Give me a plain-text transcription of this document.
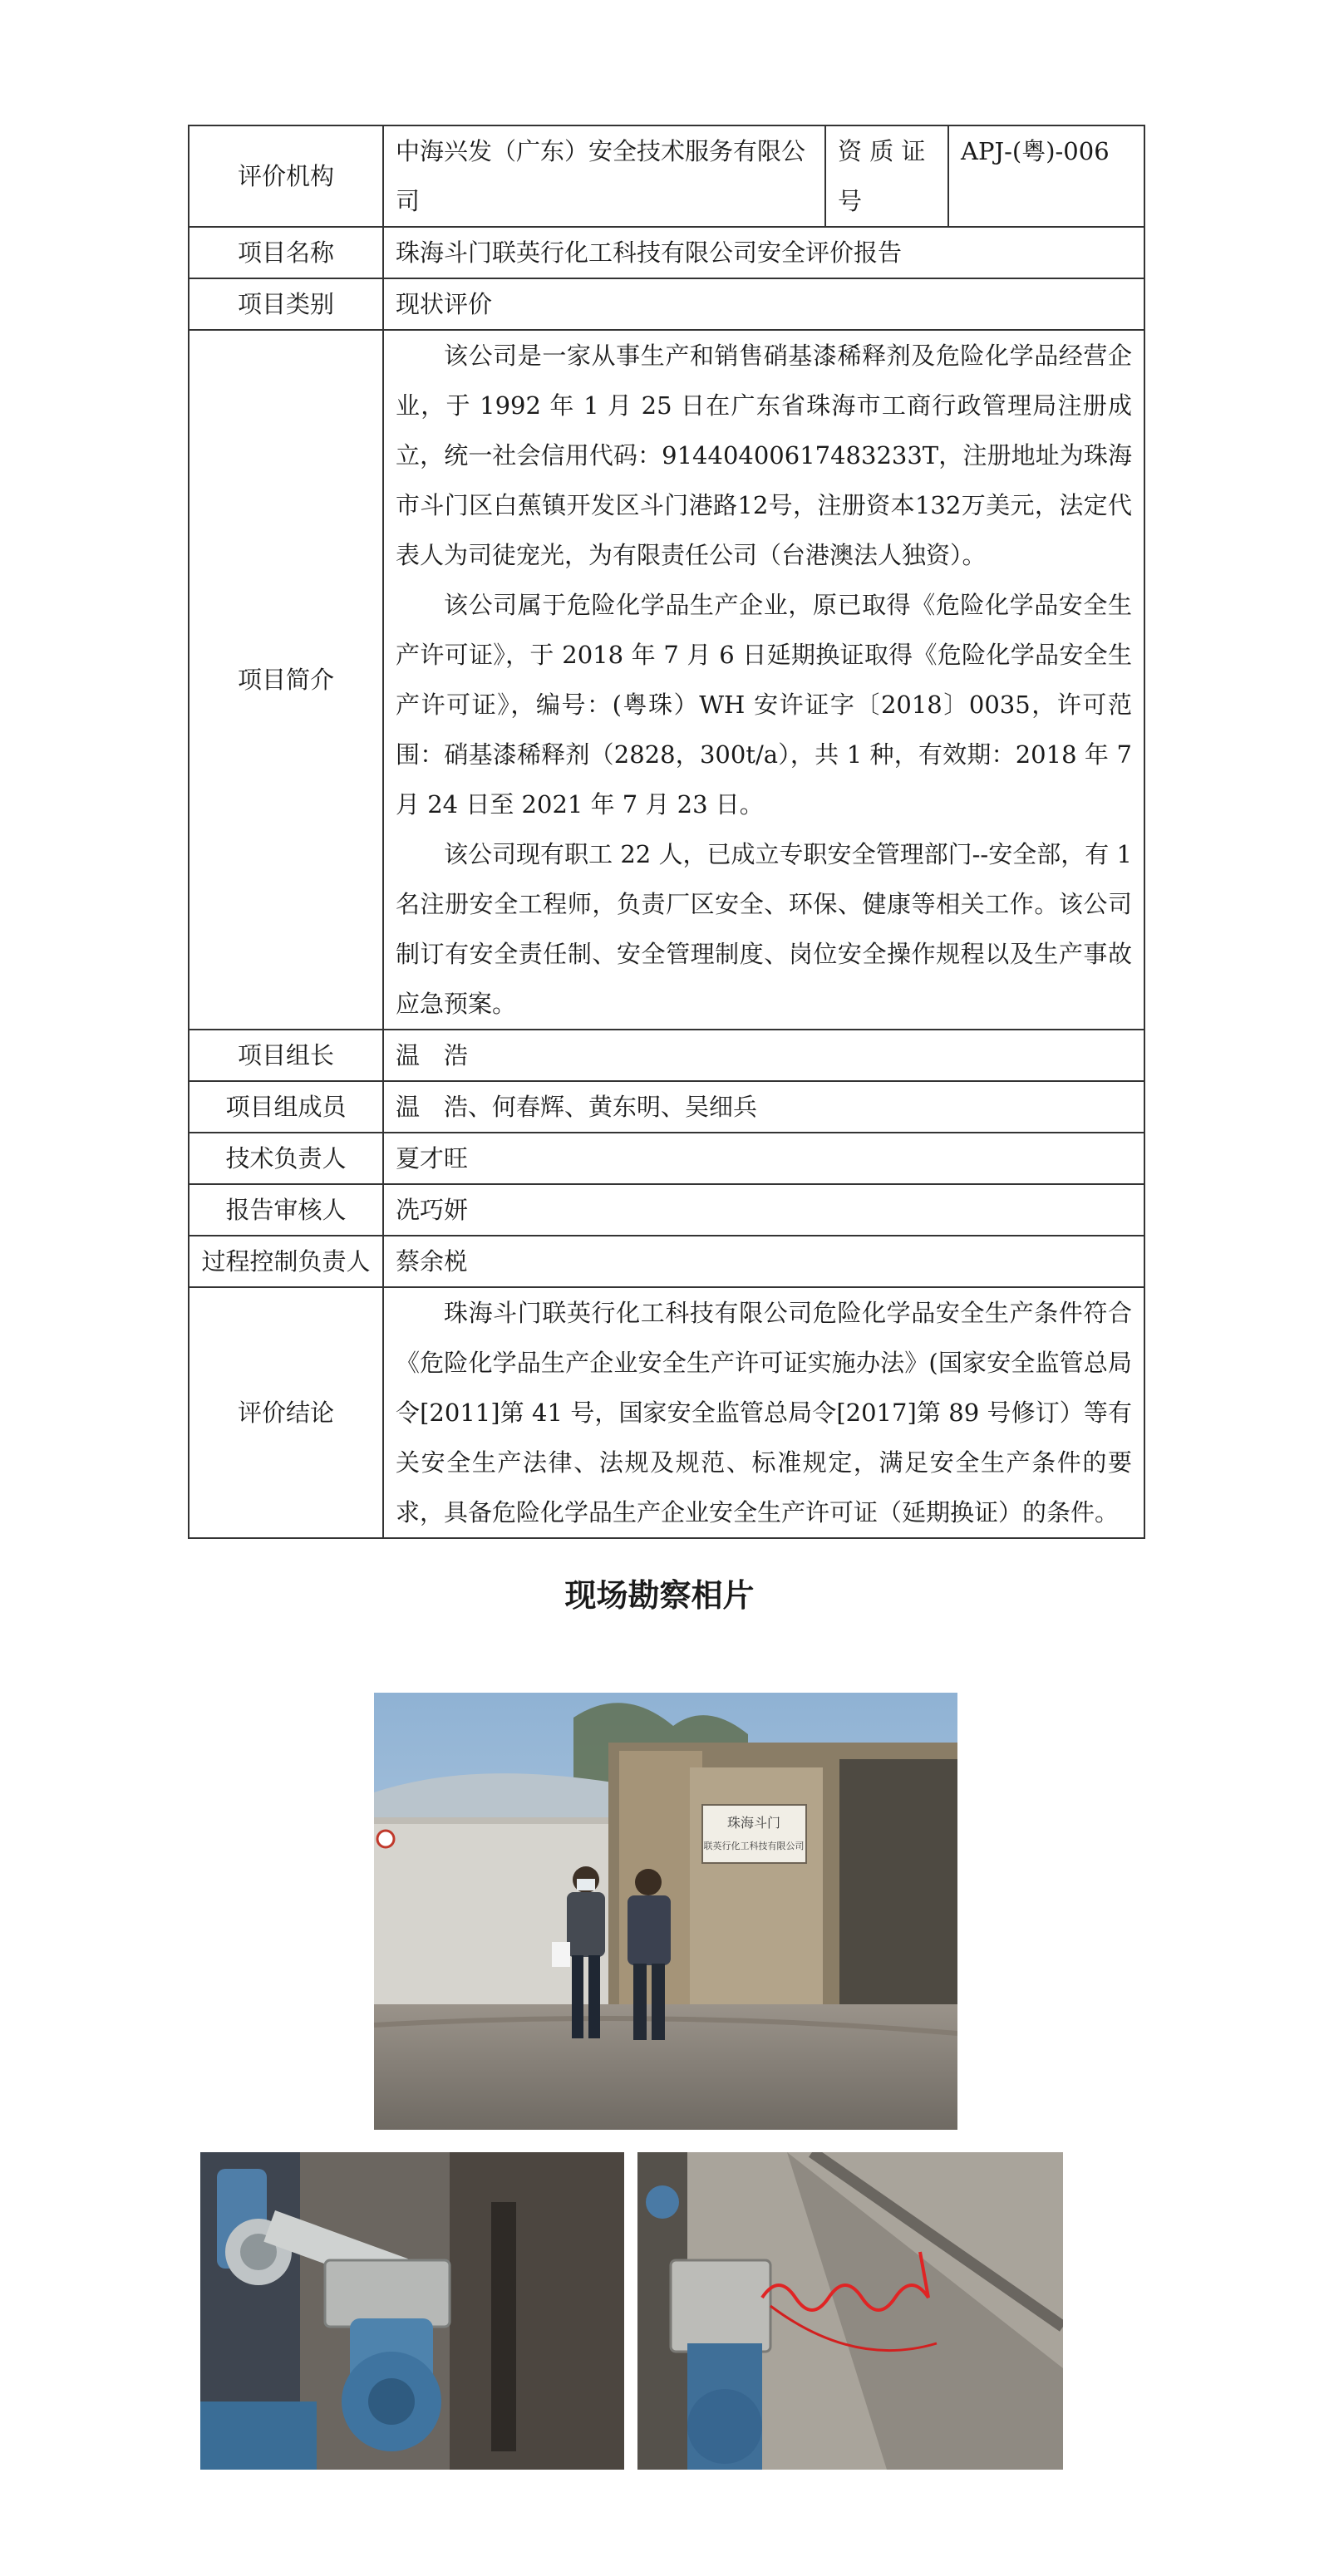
评价机构	中海兴发（广东）安全技术服务有限公司	资 质 证 号	APJ-(粤)-006
项目名称	珠海斗门联英行化工科技有限公司安全评价报告		
项目类别	现状评价		
项目简介	该公司是一家从事生产和销售硝基漆稀释剂及危险化学品经营企业，于 1992 年 1 月 25 日在广东省珠海市工商行政管理局注册成立，统一社会信用代码：91440400617483233T，注册地址为珠海市斗门区白蕉镇开发区斗门港路12号，注册资本132万美元，法定代表人为司徒宠光，为有限责任公司（台港澳法人独资）。

该公司属于危险化学品生产企业，原已取得《危险化学品安全生产许可证》，于 2018 年 7 月 6 日延期换证取得《危险化学品安全生产许可证》，编号：(粤珠）WH 安许证字〔2018〕0035，许可范围：硝基漆稀释剂（2828，300t/a），共 1 种，有效期：2018 年 7 月 24 日至 2021 年 7 月 23 日。

该公司现有职工 22 人，已成立专职安全管理部门--安全部，有 1 名注册安全工程师，负责厂区安全、环保、健康等相关工作。该公司制订有安全责任制、安全管理制度、岗位安全操作规程以及生产事故应急预案。		

项目组长	温　浩		
项目组成员	温　浩、何春辉、黄东明、吴细兵		
技术负责人	夏才旺		
报告审核人	冼巧妍		
过程控制负责人	蔡余棁		
评价结论	珠海斗门联英行化工科技有限公司危险化学品安全生产条件符合《危险化学品生产企业安全生产许可证实施办法》(国家安全监管总局令[2011]第 41 号，国家安全监管总局令[2017]第 89 号修订）等有关安全生产法律、法规及规范、标准规定，满足安全生产条件的要求，具备危险化学品生产企业安全生产许可证（延期换证）的条件。		

现场勘察相片
珠海斗门
联英行化工科技有限公司
